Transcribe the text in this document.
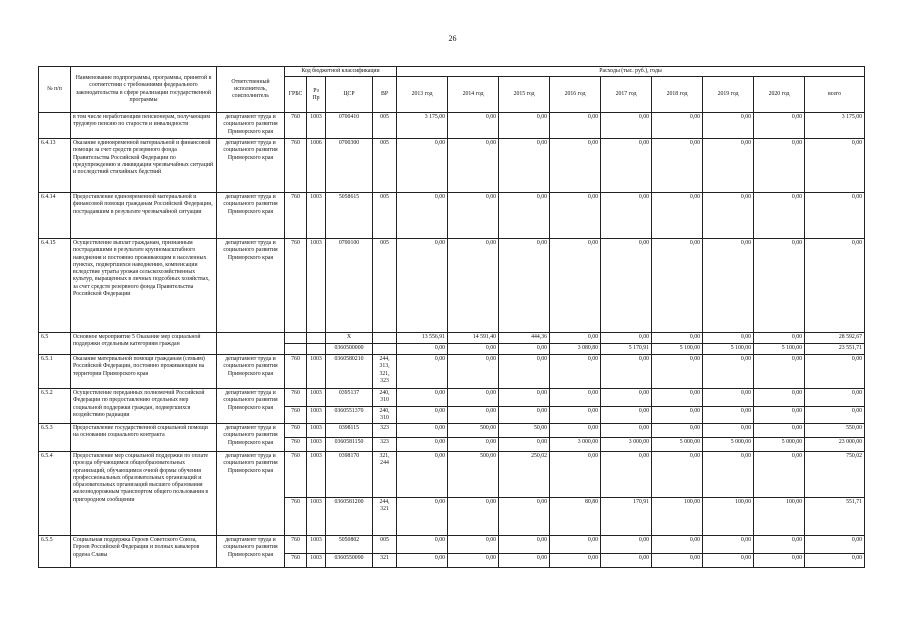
26
№ п/п	Наименование подпрограммы, программы, принятой в соответствии с требованиями федерального законодательства в сфере реализации государственной программы	Ответственный исполнитель, соисполнитель	Код бюджетной классификации				Расходы (тыс. руб.), годы								
			ГРБС	Рз Пр	ЦСР	ВР	2013 год	2014 год	2015 год	2016 год	2017 год	2018 год	2019 год	2020 год	всего
	в том числе неработающим пенсионерам, получающим трудовую пенсию по старости и инвалидности	департамент труда и социального развития Приморского края	760	1003	0700410	005	3 175,00	0,00	0,00	0,00	0,00	0,00	0,00	0,00	3 175,00
6.4.13	Оказание единовременной материальной и финансовой помощи за счет средств резервного фонда Правительства Российской Федерации по предупреждению и ликвидации чрезвычайных ситуаций и последствий стихийных бедствий	департамент труда и социального развития Приморского края	760	1006	0700300	005	0,00	0,00	0,00	0,00	0,00	0,00	0,00	0,00	0,00
6.4.14	Предоставление единовременной материальной и финансовой помощи гражданам Российской Федерации, пострадавшим в результате чрезвычайной ситуации	департамент труда и социального развития Приморского края	760	1003	5058615	005	0,00	0,00	0,00	0,00	0,00	0,00	0,00	0,00	0,00
6.4.15	Осуществление выплат гражданам, признанным пострадавшими в результате крупномасштабного наводнения и постоянно проживающим в населенных пунктах, подвергшихся наводнению, компенсации вследствие утраты урожая сельскохозяйственных культур, выращенных в личных подсобных хозяйствах, за счет средств резервного фонда Правительства Российской Федерации	департамент труда и социального развития Приморского края	760	1003	0700100	005	0,00	0,00	0,00	0,00	0,00	0,00	0,00	0,00	0,00
6.5	Основное мероприятие 5 Оказание мер социальной поддержки отдельным категориям граждан				Х		13 556,91	14 591,40	444,36	0,00	0,00	0,00	0,00	0,00	28 592,67
					0360500000		0,00	0,00	0,00	3 080,80	5 170,91	5 100,00	5 100,00	5 100,00	23 551,71
6.5.1	Оказание материальной помощи гражданам (семьям) Российской Федерации, постоянно проживающим на территории Приморского края	департамент труда и социального развития Приморского края	760	1003	0360580210	244, 313, 321, 323	0,00	0,00	0,00	0,00	0,00	0,00	0,00	0,00	0,00
6.5.2	Осуществление переданных полномочий Российской Федерации по предоставлению отдельных мер социальной поддержки граждан, подвергшихся воздействию радиации	департамент труда и социального развития Приморского края	760	1003	0395137	240, 310	0,00	0,00	0,00	0,00	0,00	0,00	0,00	0,00	0,00
			760	1003	0360551370	240, 310	0,00	0,00	0,00	0,00	0,00	0,00	0,00	0,00	0,00
6.5.3	Предоставление государственной социальной помощи на основании социального контракта	департамент труда и социального развития Приморского края	760	1003	0398115	323	0,00	500,00	50,00	0,00	0,00	0,00	0,00	0,00	550,00
			760	1003	0360581150	323	0,00	0,00	0,00	3 000,00	3 000,00	5 000,00	5 000,00	5 000,00	23 000,00
6.5.4	Предоставление мер социальной поддержки по оплате проезда обучающимся общеобразовательных организаций, обучающимся очной формы обучения профессиональных образовательных организаций и образовательных организаций высшего образования железнодорожным транспортом общего пользования в пригородном сообщении	департамент труда и социального развития Приморского края	760	1003	0398170	321, 244	0,00	500,00	250,02	0,00	0,00	0,00	0,00	0,00	750,02
			760	1003	0360581200	244, 321	0,00	0,00	0,00	80,80	170,91	100,00	100,00	100,00	551,71
6.5.5	Социальная поддержка Героев Советского Союза, Героев Российской Федерации и полных кавалеров ордена Славы	департамент труда и социального развития Приморского края	760	1003	5050802	005	0,00	0,00	0,00	0,00	0,00	0,00	0,00	0,00	0,00
			760	1003	0360550090	321	0,00	0,00	0,00	0,00	0,00	0,00	0,00	0,00	0,00
